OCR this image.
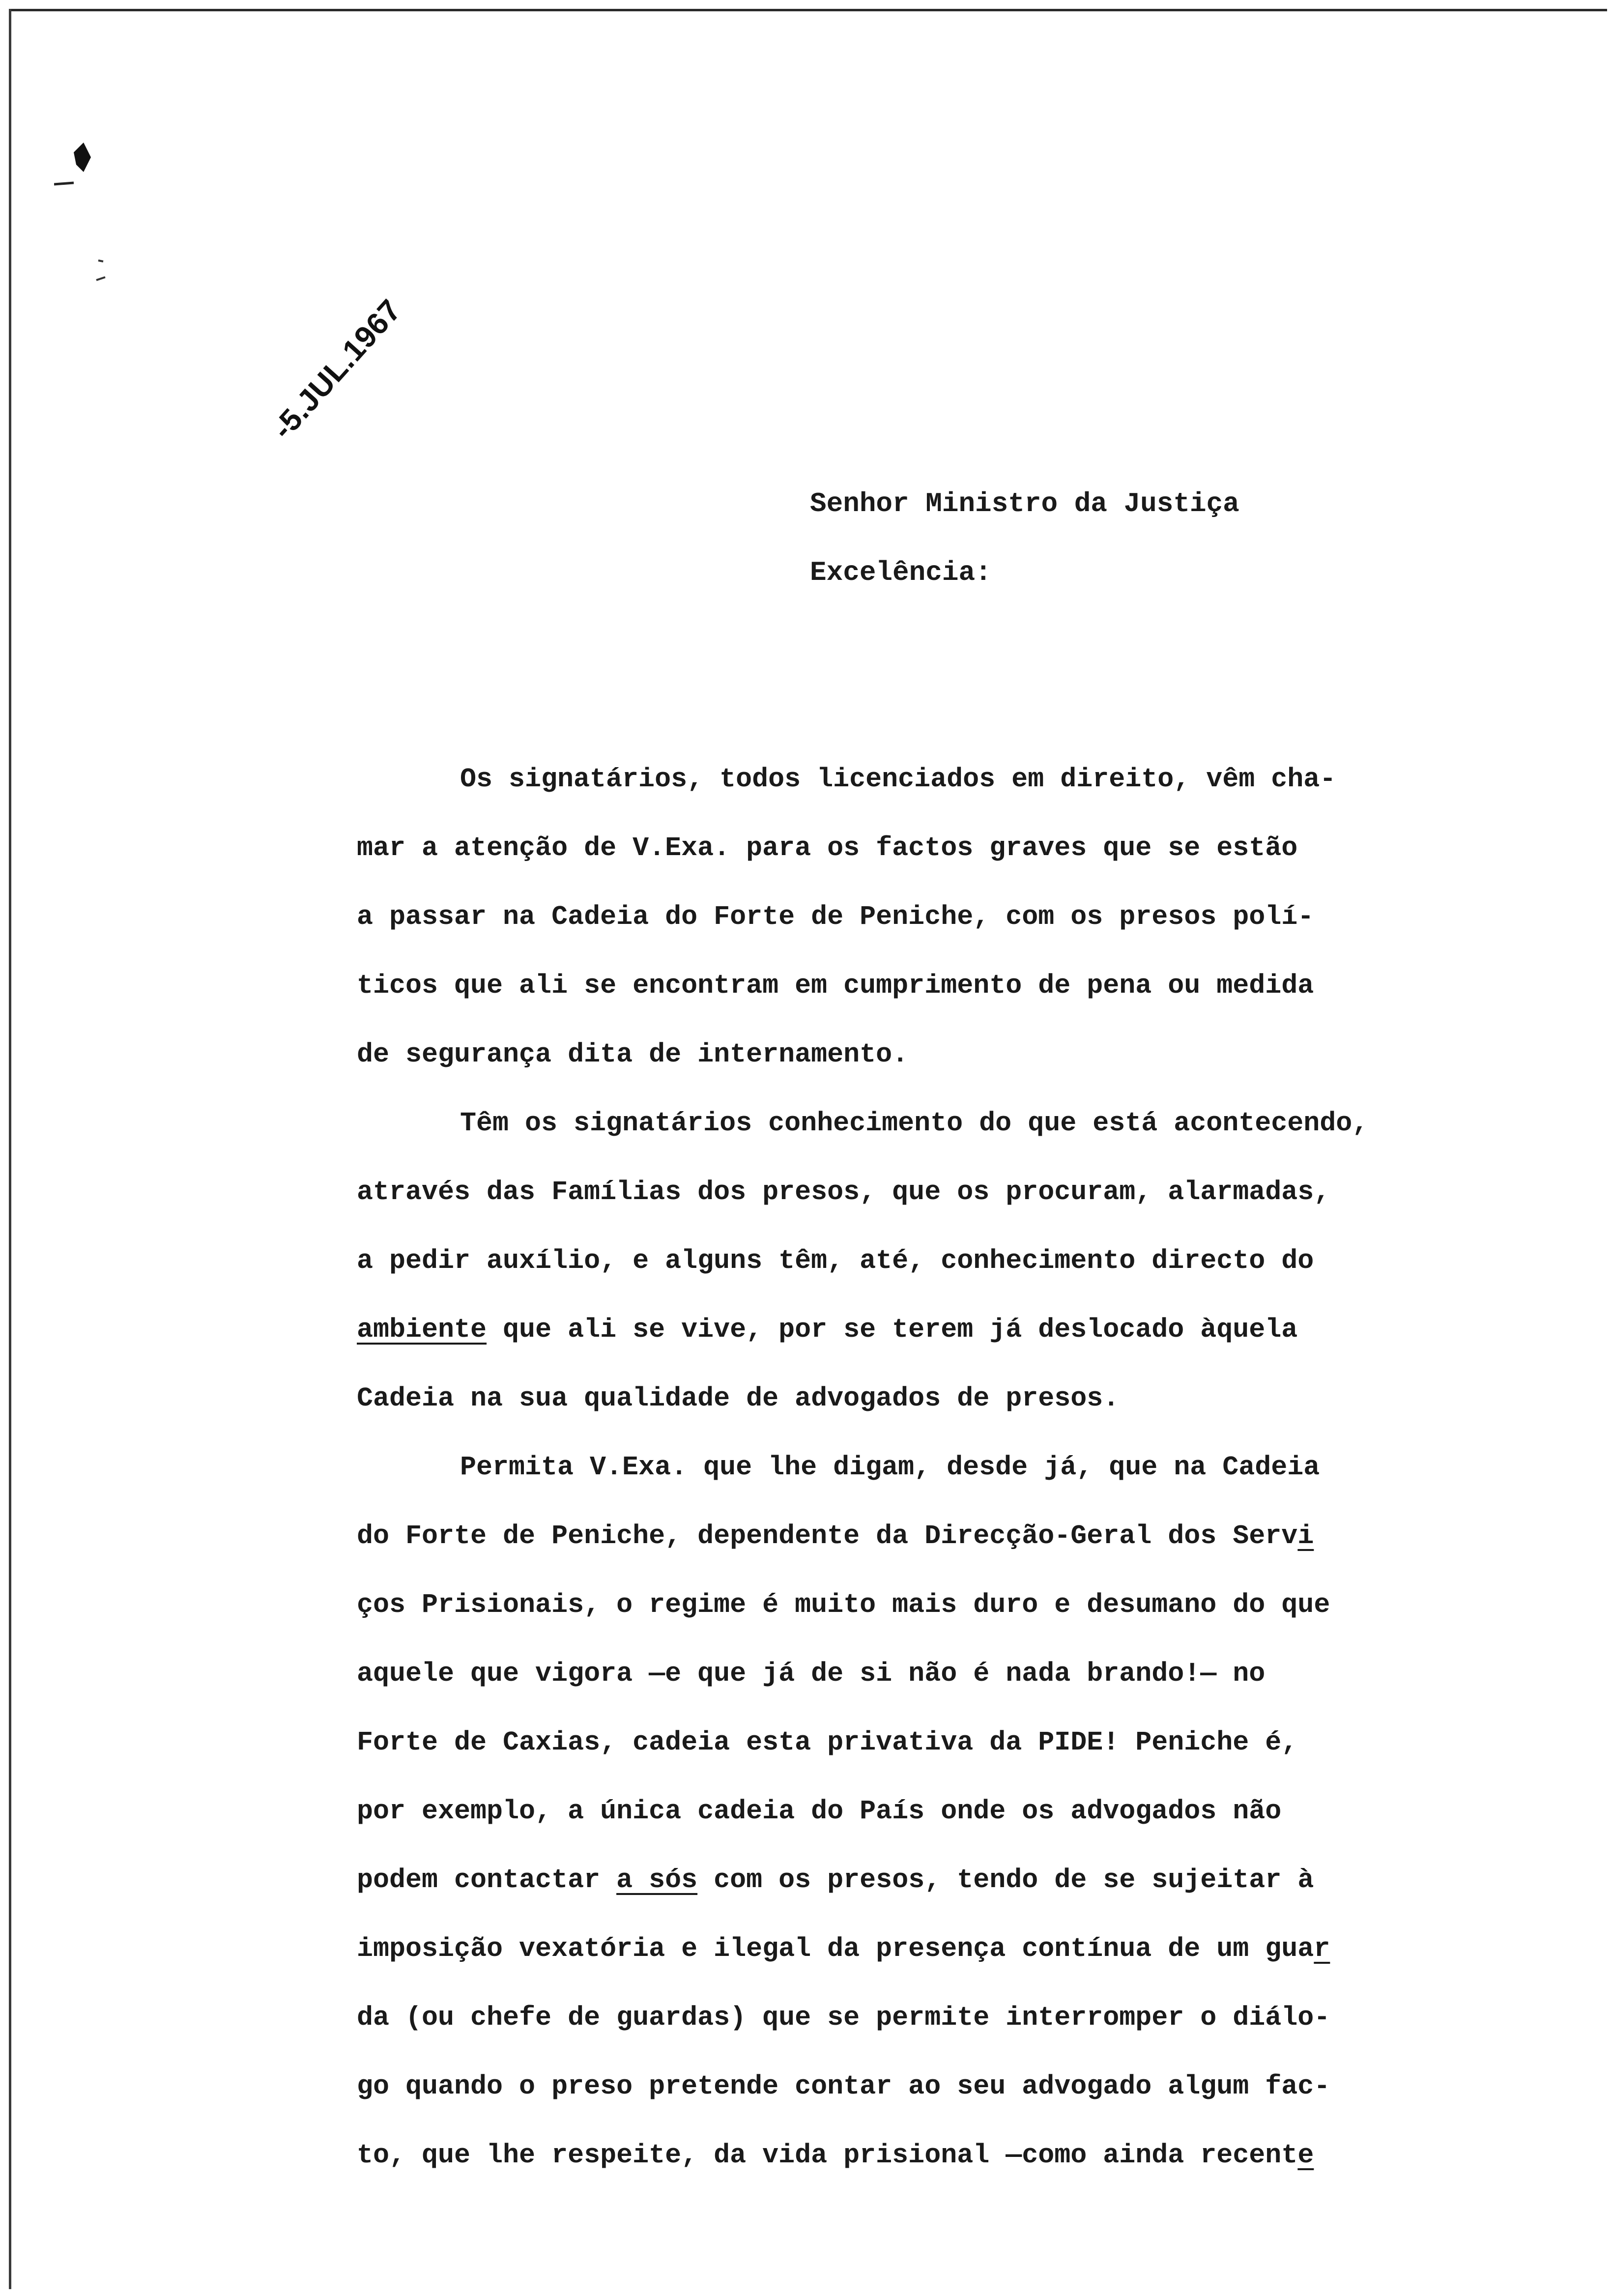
-5.JUL.1967
Senhor Ministro da Justiça
Excelência:
Os signatários, todos licenciados em direito, vêm cha-
mar a atenção de V.Exa. para os factos graves que se estão
a passar na Cadeia do Forte de Peniche, com os presos polí-
ticos que ali se encontram em cumprimento de pena ou medida
de segurança dita de internamento.
Têm os signatários conhecimento do que está acontecendo,
através das Famílias dos presos, que os procuram, alarmadas,
a pedir auxílio, e alguns têm, até, conhecimento directo do
ambiente que ali se vive, por se terem já deslocado àquela
Cadeia na sua qualidade de advogados de presos.
Permita V.Exa. que lhe digam, desde já, que na Cadeia
do Forte de Peniche, dependente da Direcção-Geral dos Servi
ços Prisionais, o regime é muito mais duro e desumano do que
aquele que vigora —e que já de si não é nada brando!— no
Forte de Caxias, cadeia esta privativa da PIDE! Peniche é,
por exemplo, a única cadeia do País onde os advogados não
podem contactar a sós com os presos, tendo de se sujeitar à
imposição vexatória e ilegal da presença contínua de um guar
da (ou chefe de guardas) que se permite interromper o diálo-
go quando o preso pretende contar ao seu advogado algum fac-
to, que lhe respeite, da vida prisional —como ainda recente
